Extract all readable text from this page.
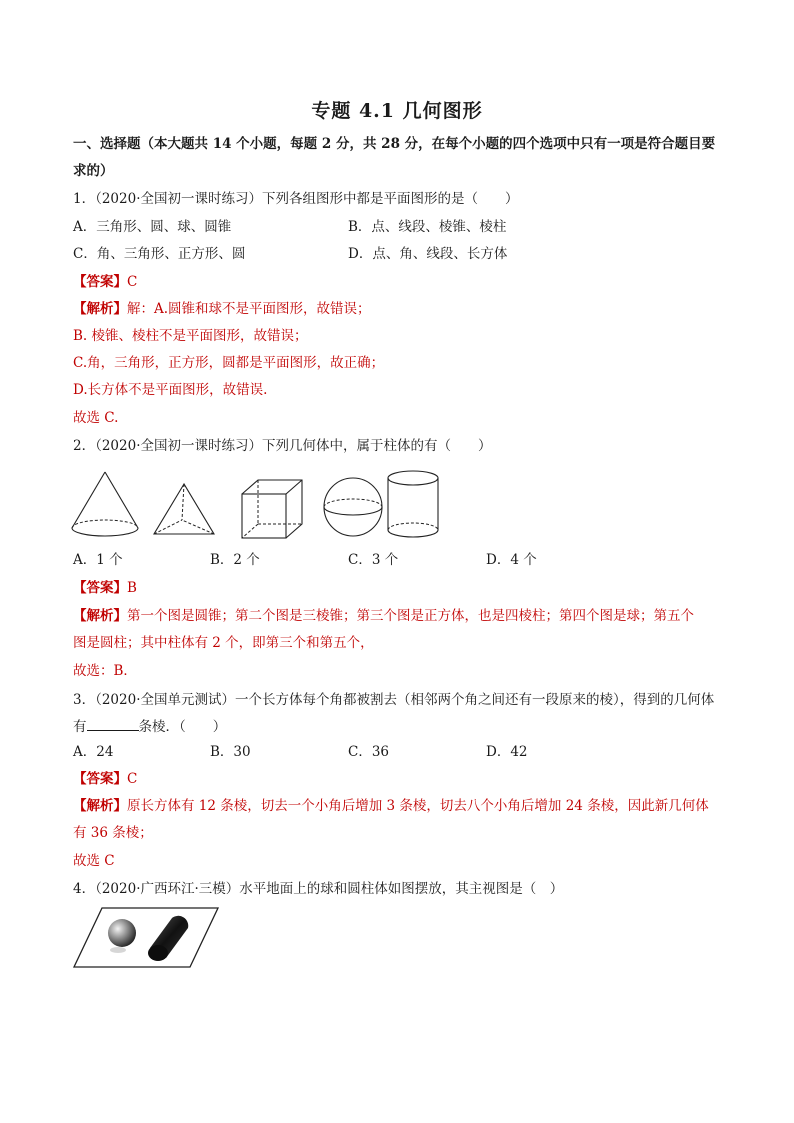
专题 4.1 几何图形
一、选择题（本大题共 14 个小题，每题 2 分，共 28 分，在每个小题的四个选项中只有一项是符合题目要
求的）
1．（2020·全国初一课时练习）下列各组图形中都是平面图形的是（　　）
A．三角形、圆、球、圆锥	B．点、线段、棱锥、棱柱
C．角、三角形、正方形、圆	D．点、角、线段、长方体
【答案】C
【解析】解：A.圆锥和球不是平面图形，故错误；
B. 棱锥、棱柱不是平面图形，故错误；
C.角，三角形，正方形，圆都是平面图形，故正确；
D.长方体不是平面图形，故错误.
故选 C.
2．（2020·全国初一课时练习）下列几何体中，属于柱体的有（　　）
A．1 个	B．2 个	C．3 个	D．4 个
【答案】B
【解析】第一个图是圆锥；第二个图是三棱锥；第三个图是正方体，也是四棱柱；第四个图是球；第五个
图是圆柱；其中柱体有 2 个，即第三个和第五个，
故选：B．
3．（2020·全国单元测试）一个长方体每个角都被割去（相邻两个角之间还有一段原来的棱），得到的几何体
有	条棱．（　　）
A．24	B．30	C．36	D．42
【答案】C
【解析】原长方体有 12 条棱，切去一个小角后增加 3 条棱，切去八个小角后增加 24 条棱，因此新几何体
有 36 条棱；
故选 C
4．（2020·广西环江·三模）水平地面上的球和圆柱体如图摆放，其主视图是（　）
